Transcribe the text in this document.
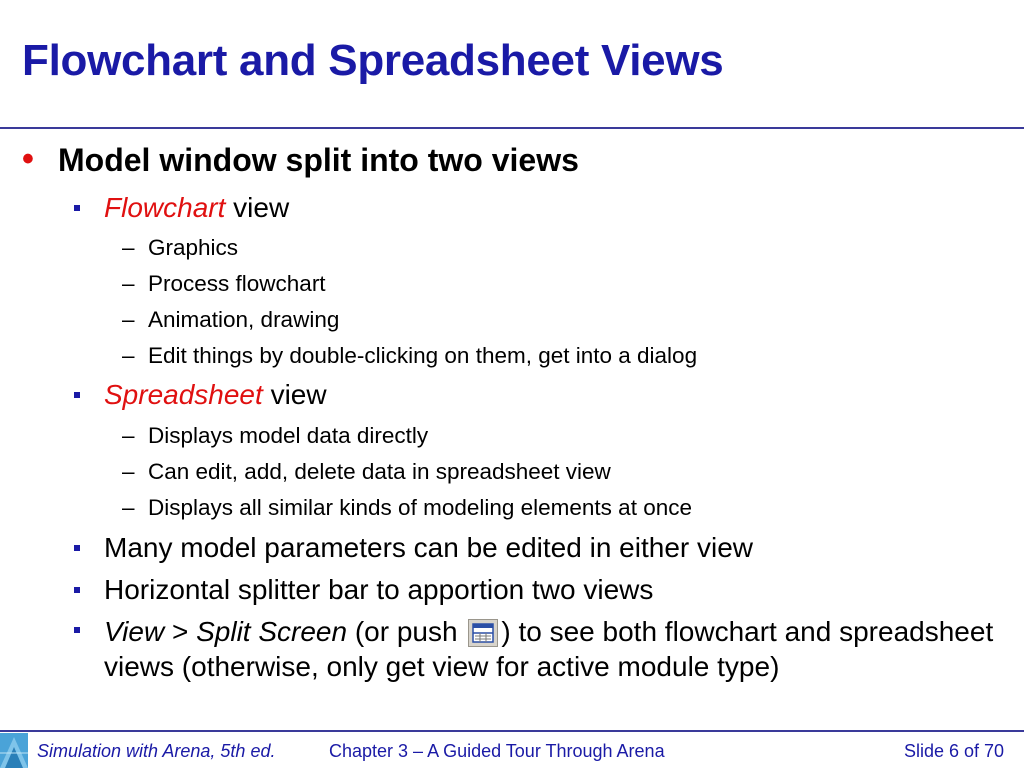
Flowchart and Spreadsheet Views
• Model window split into two views
Flowchart view
– Graphics
– Process flowchart
– Animation, drawing
– Edit things by double-clicking on them, get into a dialog
Spreadsheet view
– Displays model data directly
– Can edit, add, delete data in spreadsheet view
– Displays all similar kinds of modeling elements at once
Many model parameters can be edited in either view
Horizontal splitter bar to apportion two views
View > Split Screen (or push ) to see both flowchart and spreadsheet views (otherwise, only get view for active module type)
Simulation with Arena, 5th ed.	Chapter 3 – A Guided Tour Through Arena	Slide 6 of 70
